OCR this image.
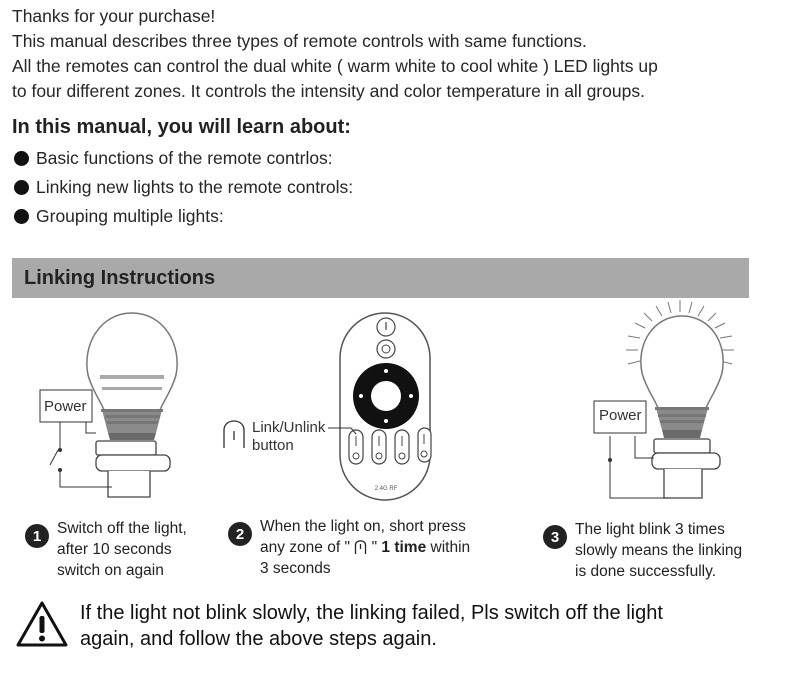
Thanks for your purchase!
This manual describes three types of remote controls with same functions.
All the remotes can control the dual white ( warm white to cool white ) LED lights up
to four different zones. It controls the intensity and color temperature in all groups.
In this manual, you will learn about:
Basic functions of the remote contrlos:
Linking new lights to the remote controls:
Grouping multiple lights:
Linking Instructions
Power
2.4G RF
Link/Unlink
button
Power
1	Switch off the light,
after 10 seconds
switch on again
2	When the light on, short press
any zone of "  " 1 time within
3 seconds
3	The light blink 3 times
slowly means the linking
is done successfully.
If the light not blink slowly, the linking failed, Pls switch off the light
again, and follow the above steps again.
